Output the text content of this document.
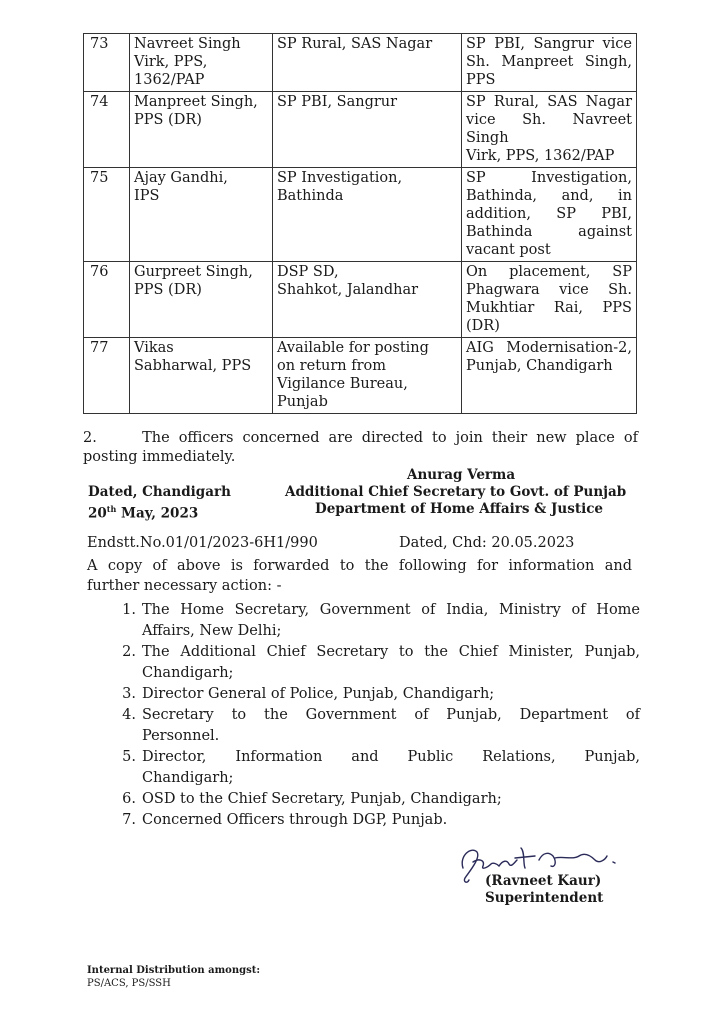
73	Navreet Singh
Virk, PPS,
1362/PAP	SP Rural, SAS Nagar	SP PBI, Sangrur vice
Sh. Manpreet Singh,
PPS

74	Manpreet Singh,
PPS (DR)	SP PBI, Sangrur	SP Rural, SAS Nagar
vice Sh. Navreet Singh
Virk, PPS, 1362/PAP

75	Ajay Gandhi,
IPS	SP Investigation,
Bathinda	SP Investigation,
Bathinda, and, in
addition, SP PBI,
Bathinda against
vacant post

76	Gurpreet Singh,
PPS (DR)	DSP SD,
Shahkot, Jalandhar	On placement, SP
Phagwara vice Sh.
Mukhtiar Rai, PPS
(DR)

77	Vikas
Sabharwal, PPS	Available for posting
on return from
Vigilance Bureau,
Punjab	AIG Modernisation-2,
Punjab, Chandigarh
2.	The officers concerned are directed to join their new place of
posting immediately.
Anurag Verma
Additional Chief Secretary to Govt. of Punjab
Department of Home Affairs & Justice
Dated, Chandigarh
20th May, 2023
Endstt.No.01/01/2023-6H1/990	Dated, Chd: 20.05.2023
A copy of above is forwarded to the following for information and
further necessary action: -
1. The Home Secretary, Government of India, Ministry of Home
Affairs, New Delhi;
2. The Additional Chief Secretary to the Chief Minister, Punjab,
Chandigarh;
3. Director General of Police, Punjab, Chandigarh;
4. Secretary to the Government of Punjab, Department of
Personnel.
5. Director, Information and Public Relations, Punjab,
Chandigarh;
6. OSD to the Chief Secretary, Punjab, Chandigarh;
7. Concerned Officers through DGP, Punjab.
(Ravneet Kaur)
Superintendent
Internal Distribution amongst:
PS/ACS, PS/SSH
